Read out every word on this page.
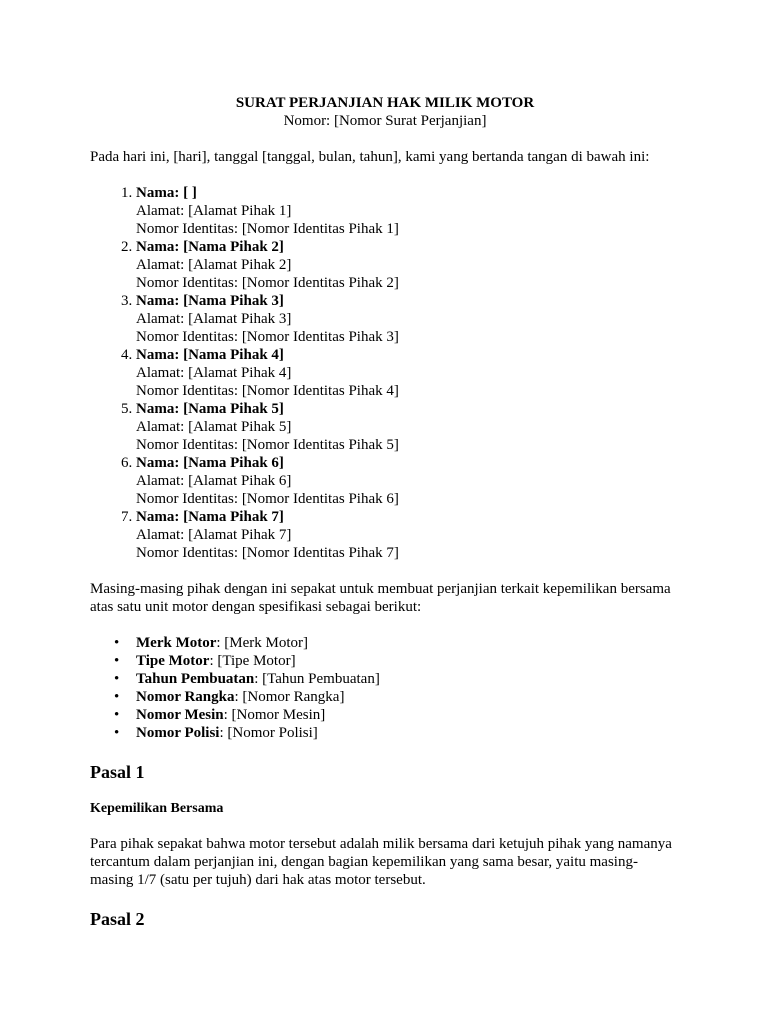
SURAT PERJANJIAN HAK MILIK MOTOR

Nomor: [Nomor Surat Perjanjian]

Pada hari ini, [hari], tanggal [tanggal, bulan, tahun], kami yang bertanda tangan di bawah ini:

1. Nama: [ ]
Alamat: [Alamat Pihak 1]
Nomor Identitas: [Nomor Identitas Pihak 1]
2. Nama: [Nama Pihak 2]
Alamat: [Alamat Pihak 2]
Nomor Identitas: [Nomor Identitas Pihak 2]
3. Nama: [Nama Pihak 3]
Alamat: [Alamat Pihak 3]
Nomor Identitas: [Nomor Identitas Pihak 3]
4. Nama: [Nama Pihak 4]
Alamat: [Alamat Pihak 4]
Nomor Identitas: [Nomor Identitas Pihak 4]
5. Nama: [Nama Pihak 5]
Alamat: [Alamat Pihak 5]
Nomor Identitas: [Nomor Identitas Pihak 5]
6. Nama: [Nama Pihak 6]
Alamat: [Alamat Pihak 6]
Nomor Identitas: [Nomor Identitas Pihak 6]
7. Nama: [Nama Pihak 7]
Alamat: [Alamat Pihak 7]
Nomor Identitas: [Nomor Identitas Pihak 7]

Masing-masing pihak dengan ini sepakat untuk membuat perjanjian terkait kepemilikan bersama atas satu unit motor dengan spesifikasi sebagai berikut:

• Merk Motor: [Merk Motor]
• Tipe Motor: [Tipe Motor]
• Tahun Pembuatan: [Tahun Pembuatan]
• Nomor Rangka: [Nomor Rangka]
• Nomor Mesin: [Nomor Mesin]
• Nomor Polisi: [Nomor Polisi]
Pasal 1
Kepemilikan Bersama

Para pihak sepakat bahwa motor tersebut adalah milik bersama dari ketujuh pihak yang namanya tercantum dalam perjanjian ini, dengan bagian kepemilikan yang sama besar, yaitu masing-masing 1/7 (satu per tujuh) dari hak atas motor tersebut.

Pasal 2
